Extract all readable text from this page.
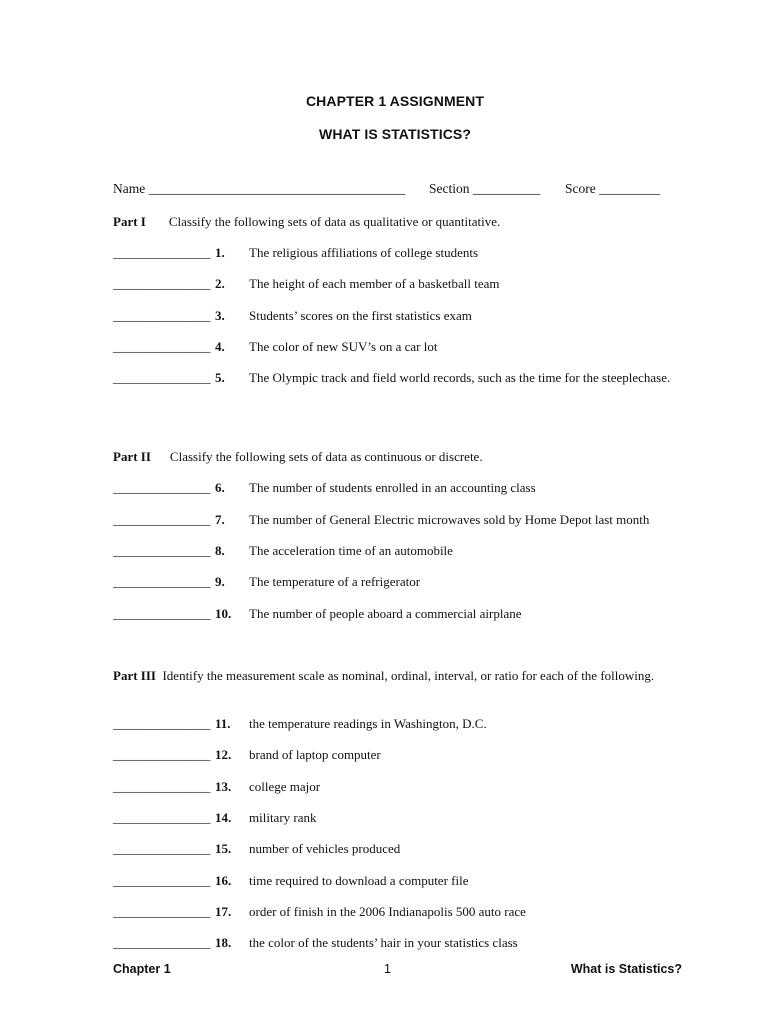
CHAPTER 1 ASSIGNMENT
WHAT IS STATISTICS?
Name ______________________________________ Section __________ Score _________
Part I Classify the following sets of data as qualitative or quantitative.
_______________ 1. The religious affiliations of college students
_______________ 2. The height of each member of a basketball team
_______________ 3. Students’ scores on the first statistics exam
_______________ 4. The color of new SUV’s on a car lot
_______________ 5. The Olympic track and field world records, such as the time for the steeplechase.
Part II Classify the following sets of data as continuous or discrete.
_______________ 6. The number of students enrolled in an accounting class
_______________ 7. The number of General Electric microwaves sold by Home Depot last month
_______________ 8. The acceleration time of an automobile
_______________ 9. The temperature of a refrigerator
_______________ 10. The number of people aboard a commercial airplane
Part III Identify the measurement scale as nominal, ordinal, interval, or ratio for each of the following.
_______________ 11. the temperature readings in Washington, D.C.
_______________ 12. brand of laptop computer
_______________ 13. college major
_______________ 14. military rank
_______________ 15. number of vehicles produced
_______________ 16. time required to download a computer file
_______________ 17. order of finish in the 2006 Indianapolis 500 auto race
_______________ 18. the color of the students’ hair in your statistics class
Chapter 1	1	What is Statistics?
